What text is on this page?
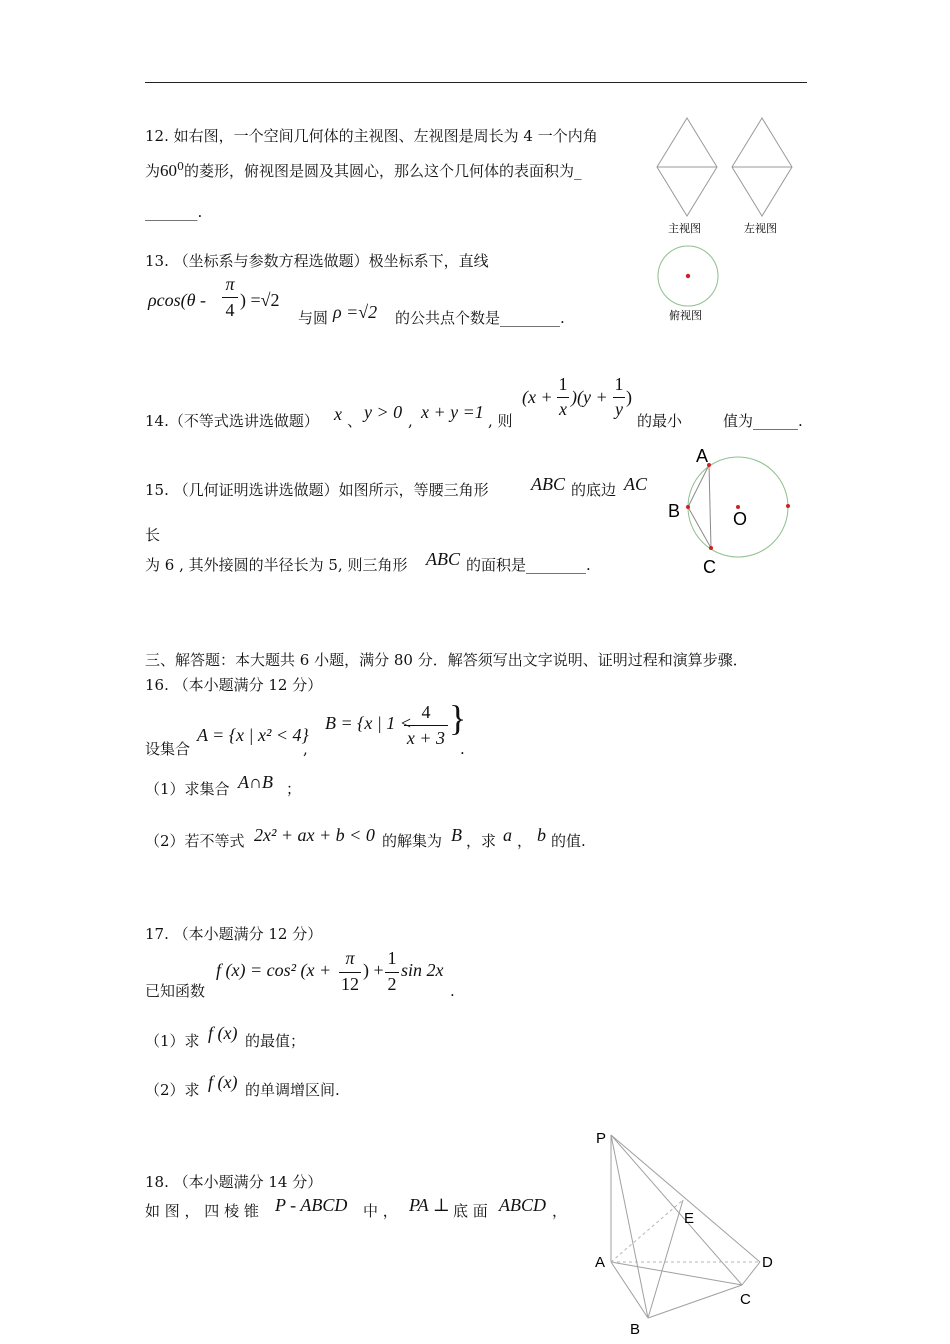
12. 如右图，一个空间几何体的主视图、左视图是周长为 4 一个内角
为$60^0$的菱形，俯视图是圆及其圆心，那么这个几何体的表面积为_
_______.
主视图	左视图
俯视图
A
B	O
C
P
E
A	D
C
B
13. （坐标系与参数方程选做题）极坐标系下，直线
ρcos(θ -
π
4 ) =√2
与圆 ρ =√2 的公共点个数是________.
14.（不等式选讲选做题） x 、 y > 0 , x + y =1 , 则
(x +
1
x
)(y +
1
y
)
的最小	值为______.
15. （几何证明选讲选做题）如图所示，等腰三角形 ABC 的底边 AC
长
为 6 , 其外接圆的半径长为 5, 则三角形 ABC 的面积是________.
三、解答题：本大题共 6 小题，满分 80 分．解答须写出文字说明、证明过程和演算步骤．
16. （本小题满分 12 分）
设集合
A = {x | x² < 4}
,
B = {x | 1 <
4
x + 3 }
.
（1）求集合 A∩B ；
（2）若不等式 2x² + ax + b < 0 的解集为 B ，求 a ， b 的值.
17. （本小题满分 12 分）
已知函数
f (x) = cos² (x +
π
12
) +
1
2
sin 2x
.
（1）求 f (x) 的最值；
（2）求 f (x) 的单调增区间.
18. （本小题满分 14 分）
如 图 ， 四 棱 锥 P - ABCD 中 ， PA ⊥ 底 面 ABCD ，
